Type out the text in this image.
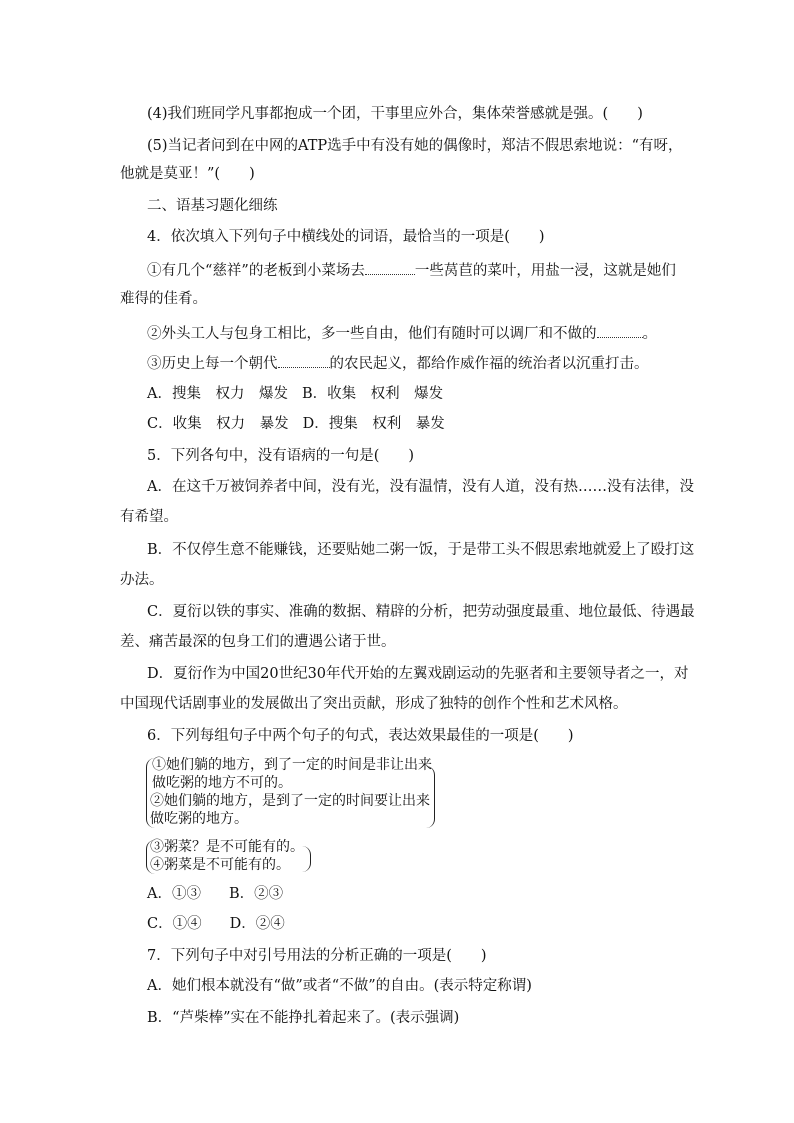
(4)我们班同学凡事都抱成一个团，干事里应外合，集体荣誉感就是强。(　　)
(5)当记者问到在中网的ATP选手中有没有她的偶像时，郑洁不假思索地说：“有呀，
他就是莫亚！”(　　)
二、语基习题化细练
4．依次填入下列句子中横线处的词语，最恰当的一项是(　　)
①有几个“慈祥”的老板到小菜场去	一些莴苣的菜叶，用盐一浸，这就是她们
难得的佳肴。
②外头工人与包身工相比，多一些自由，他们有随时可以调厂和不做的	。
③历史上每一个朝代	的农民起义，都给作威作福的统治者以沉重打击。
A．搜集　权力　爆发 B．收集　权利　爆发
C．收集　权力　暴发 D．搜集　权利　暴发
5．下列各句中，没有语病的一句是(　　)
A．在这千万被饲养者中间，没有光，没有温情，没有人道，没有热……没有法律，没
有希望。
B．不仅停生意不能赚钱，还要贴她二粥一饭，于是带工头不假思索地就爱上了殴打这
办法。
C．夏衍以铁的事实、准确的数据、精辟的分析，把劳动强度最重、地位最低、待遇最
差、痛苦最深的包身工们的遭遇公诸于世。
D．夏衍作为中国20世纪30年代开始的左翼戏剧运动的先驱者和主要领导者之一，对
中国现代话剧事业的发展做出了突出贡献，形成了独特的创作个性和艺术风格。
6．下列每组句子中两个句子的句式，表达效果最佳的一项是(　　)
①她们躺的地方，到了一定的时间是非让出来
做吃粥的地方不可的。
②她们躺的地方，是到了一定的时间要让出来
做吃粥的地方。
③粥菜？是不可能有的。
④粥菜是不可能有的。
A．①③ B．②③
C．①④ D．②④
7．下列句子中对引号用法的分析正确的一项是(　　)
A．她们根本就没有“做”或者“不做”的自由。(表示特定称谓)
B．“芦柴棒”实在不能挣扎着起来了。(表示强调)
